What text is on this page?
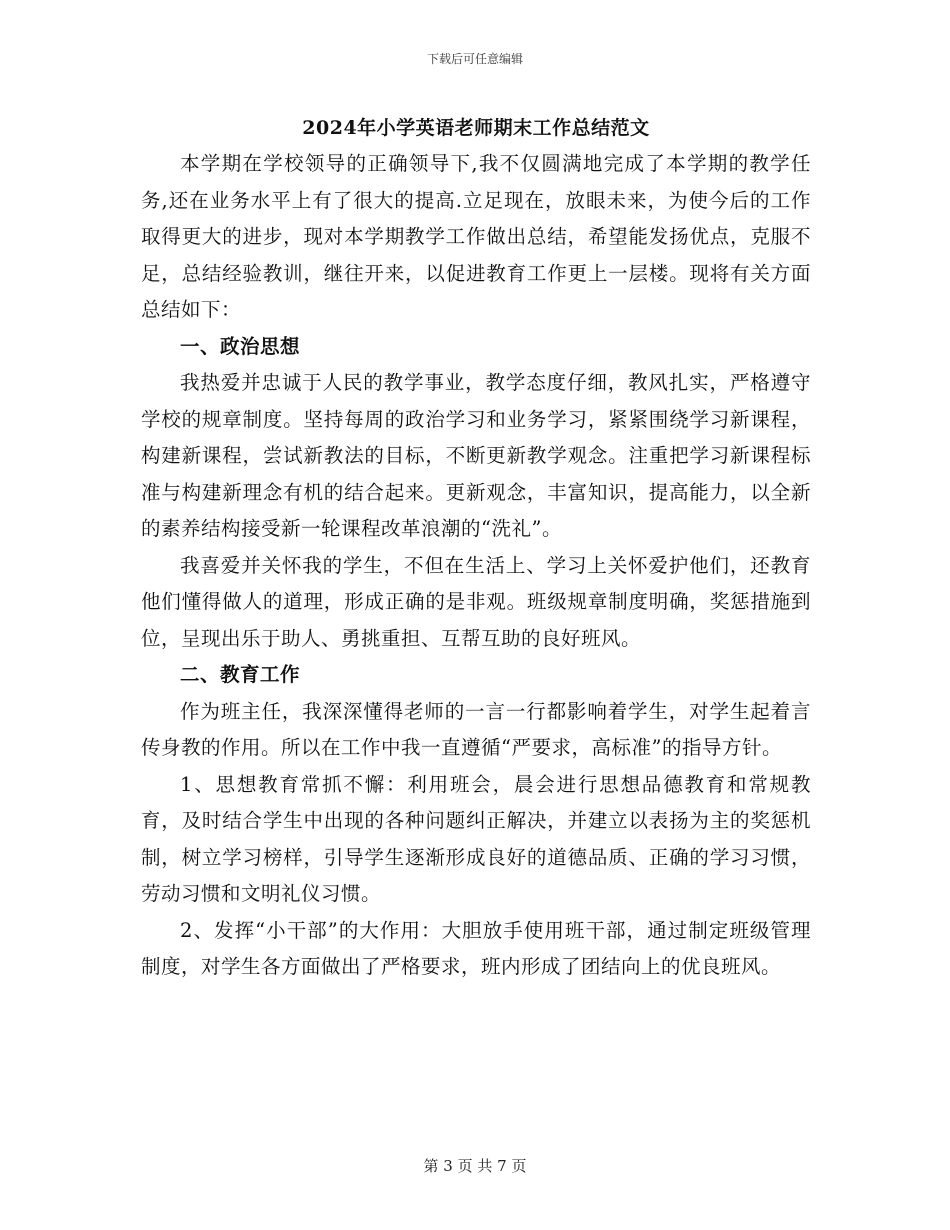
下载后可任意编辑

2024年小学英语老师期末工作总结范文

本学期在学校领导的正确领导下,我不仅圆满地完成了本学期的教学任务,还在业务水平上有了很大的提高.立足现在，放眼未来，为使今后的工作取得更大的进步，现对本学期教学工作做出总结，希望能发扬优点，克服不足，总结经验教训，继往开来，以促进教育工作更上一层楼。现将有关方面总结如下：

一、政治思想

我热爱并忠诚于人民的教学事业，教学态度仔细，教风扎实，严格遵守学校的规章制度。坚持每周的政治学习和业务学习，紧紧围绕学习新课程，构建新课程，尝试新教法的目标，不断更新教学观念。注重把学习新课程标准与构建新理念有机的结合起来。更新观念，丰富知识，提高能力，以全新的素养结构接受新一轮课程改革浪潮的“洗礼”。

我喜爱并关怀我的学生，不但在生活上、学习上关怀爱护他们，还教育他们懂得做人的道理，形成正确的是非观。班级规章制度明确，奖惩措施到位，呈现出乐于助人、勇挑重担、互帮互助的良好班风。

二、教育工作

作为班主任，我深深懂得老师的一言一行都影响着学生，对学生起着言传身教的作用。所以在工作中我一直遵循“严要求，高标准”的指导方针。

1、思想教育常抓不懈：利用班会，晨会进行思想品德教育和常规教育，及时结合学生中出现的各种问题纠正解决，并建立以表扬为主的奖惩机制，树立学习榜样，引导学生逐渐形成良好的道德品质、正确的学习习惯，劳动习惯和文明礼仪习惯。

2、发挥“小干部”的大作用：大胆放手使用班干部，通过制定班级管理制度，对学生各方面做出了严格要求，班内形成了团结向上的优良班风。

第 3 页 共 7 页
